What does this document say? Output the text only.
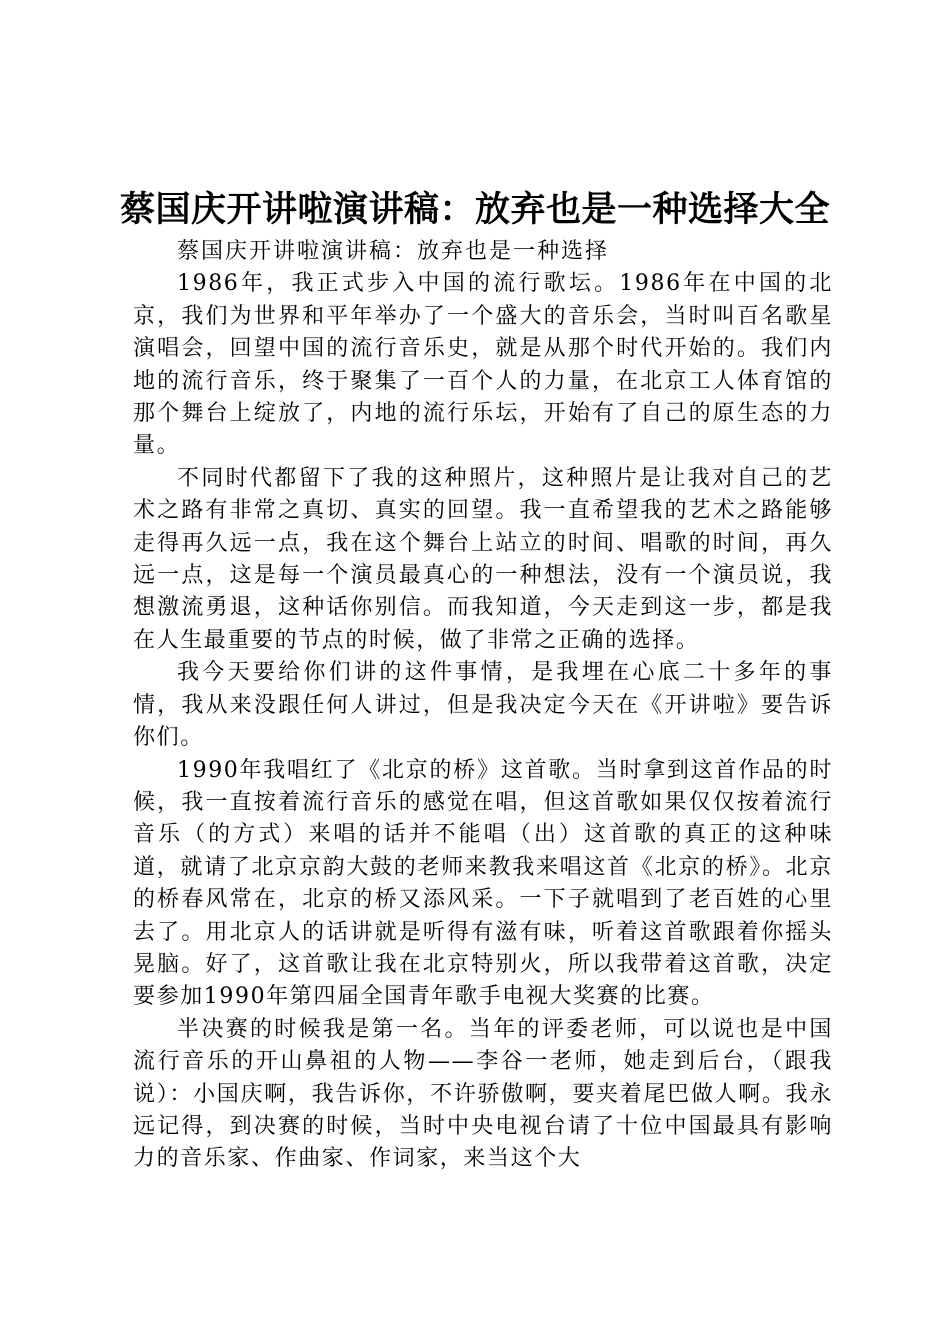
蔡国庆开讲啦演讲稿：放弃也是一种选择大全

蔡国庆开讲啦演讲稿：放弃也是一种选择

1986年，我正式步入中国的流行歌坛。1986年在中国的北京，我们为世界和平年举办了一个盛大的音乐会，当时叫百名歌星演唱会，回望中国的流行音乐史，就是从那个时代开始的。我们内地的流行音乐，终于聚集了一百个人的力量，在北京工人体育馆的那个舞台上绽放了，内地的流行乐坛，开始有了自己的原生态的力量。

不同时代都留下了我的这种照片，这种照片是让我对自己的艺术之路有非常之真切、真实的回望。我一直希望我的艺术之路能够走得再久远一点，我在这个舞台上站立的时间、唱歌的时间，再久远一点，这是每一个演员最真心的一种想法，没有一个演员说，我想激流勇退，这种话你别信。而我知道，今天走到这一步，都是我在人生最重要的节点的时候，做了非常之正确的选择。

我今天要给你们讲的这件事情，是我埋在心底二十多年的事情，我从来没跟任何人讲过，但是我决定今天在《开讲啦》要告诉你们。

1990年我唱红了《北京的桥》这首歌。当时拿到这首作品的时候，我一直按着流行音乐的感觉在唱，但这首歌如果仅仅按着流行音乐（的方式）来唱的话并不能唱（出）这首歌的真正的这种味道，就请了北京京韵大鼓的老师来教我来唱这首《北京的桥》。北京的桥春风常在，北京的桥又添风采。一下子就唱到了老百姓的心里去了。用北京人的话讲就是听得有滋有味，听着这首歌跟着你摇头晃脑。好了，这首歌让我在北京特别火，所以我带着这首歌，决定要参加1990年第四届全国青年歌手电视大奖赛的比赛。

半决赛的时候我是第一名。当年的评委老师，可以说也是中国流行音乐的开山鼻祖的人物——李谷一老师，她走到后台，（跟我说）：小国庆啊，我告诉你，不许骄傲啊，要夹着尾巴做人啊。我永远记得，到决赛的时候，当时中央电视台请了十位中国最具有影响力的音乐家、作曲家、作词家，来当这个大
